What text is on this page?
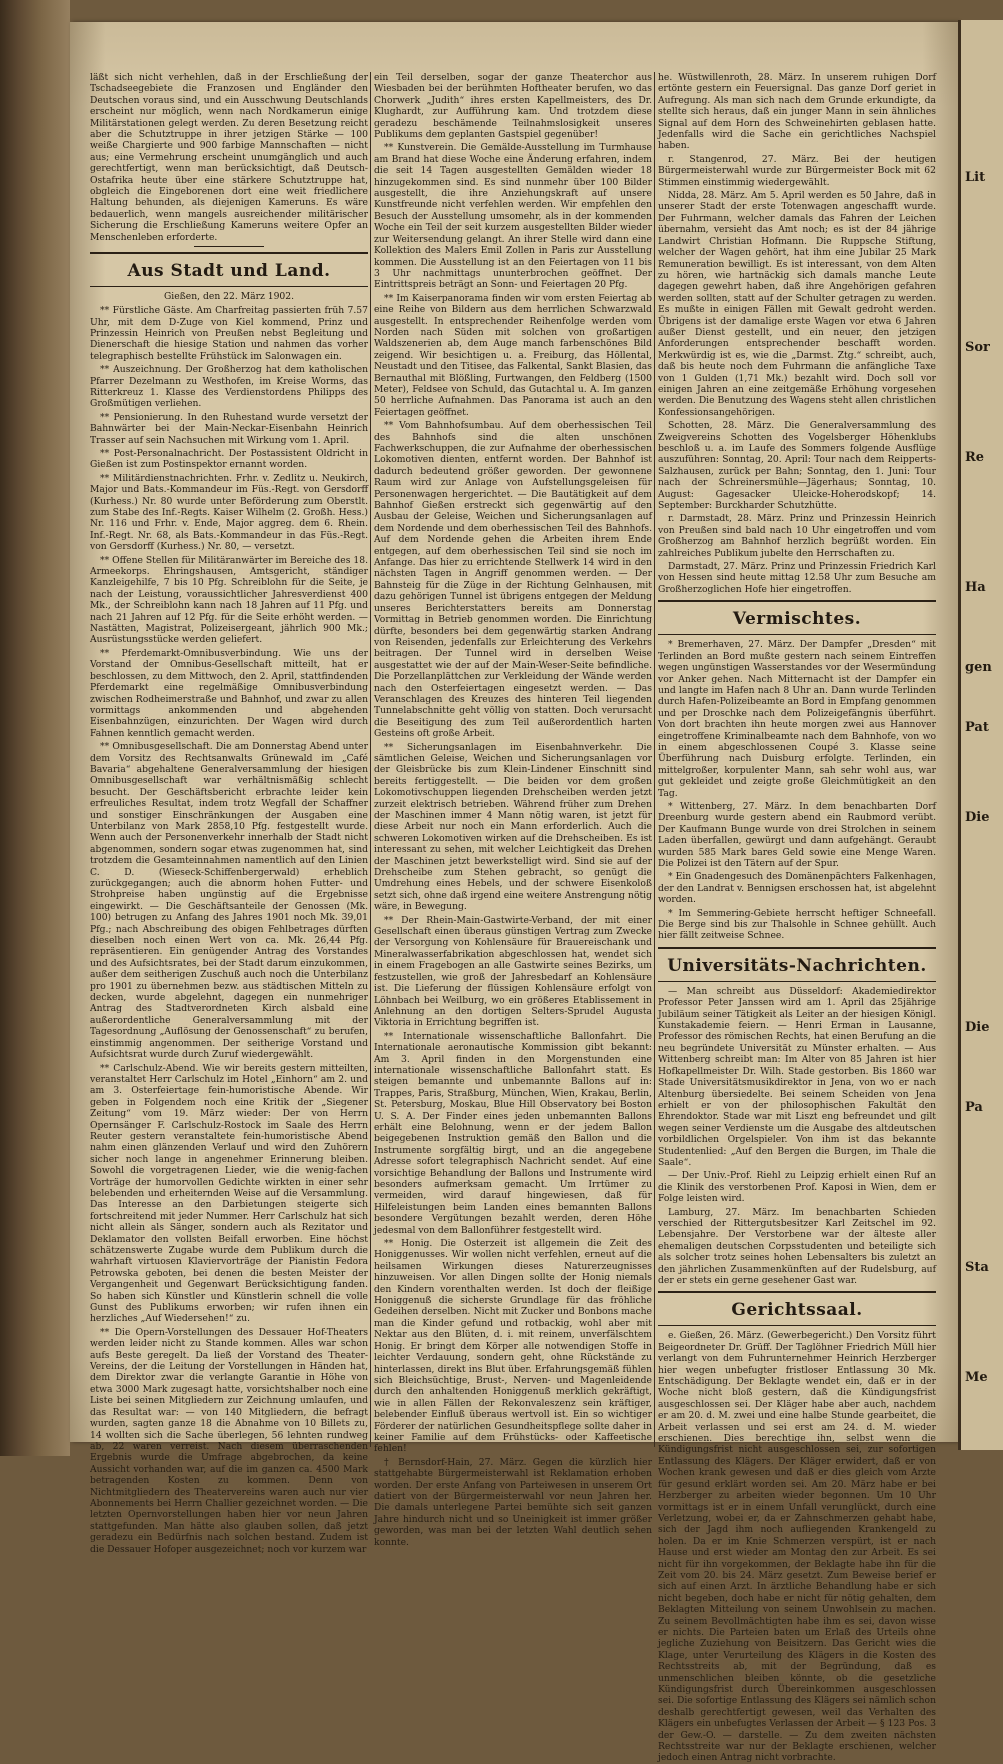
läßt sich nicht verhehlen, daß in der Erschließung der Tschadseegebiete die Franzosen und Engländer den Deutschen voraus sind, und ein Ausschwung Deutschlands erscheint nur möglich, wenn nach Nordkamerun einige Militärstationen gelegt werden. Zu deren Besetzung reicht aber die Schutztruppe in ihrer jetzigen Stärke — 100 weiße Chargierte und 900 farbige Mannschaften — nicht aus; eine Vermehrung erscheint unumgänglich und auch gerechtfertigt, wenn man berücksichtigt, daß Deutsch-Ostafrika heute über eine stärkere Schutztruppe hat, obgleich die Eingeborenen dort eine weit friedlichere Haltung behunden, als diejenigen Kameruns. Es wäre bedauerlich, wenn mangels ausreichender militärischer Sicherung die Erschließung Kameruns weitere Opfer an Menschenleben erforderte.

Aus Stadt und Land.
Gießen, den 22. März 1902.

** Fürstliche Gäste. Am Charfreitag passierten früh 7.57 Uhr, mit dem D-Zuge von Kiel kommend, Prinz und Prinzessin Heinrich von Preußen nebst Begleitung und Dienerschaft die hiesige Station und nahmen das vorher telegraphisch bestellte Frühstück im Salonwagen ein.

** Auszeichnung. Der Großherzog hat dem katholischen Pfarrer Dezelmann zu Westhofen, im Kreise Worms, das Ritterkreuz 1. Klasse des Verdienstordens Philipps des Großmütigen verliehen.

** Pensionierung. In den Ruhestand wurde versetzt der Bahnwärter bei der Main-Neckar-Eisenbahn Heinrich Trasser auf sein Nachsuchen mit Wirkung vom 1. April.

** Post-Personalnachricht. Der Postassistent Oldricht in Gießen ist zum Postinspektor ernannt worden.

** Militärdienstnachrichten. Frhr. v. Zedlitz u. Neukirch, Major und Bats.-Kommandeur im Füs.-Regt. von Gersdorff (Kurhess.) Nr. 80 wurde unter Beförderung zum Oberstlt. zum Stabe des Inf.-Regts. Kaiser Wilhelm (2. Großh. Hess.) Nr. 116 und Frhr. v. Ende, Major aggreg. dem 6. Rhein. Inf.-Regt. Nr. 68, als Bats.-Kommandeur in das Füs.-Regt. von Gersdorff (Kurhess.) Nr. 80, — versetzt.

** Offene Stellen für Militäranwärter im Bereiche des 18. Armeekorps. Ehringshausen, Amtsgericht, ständiger Kanzleigehilfe, 7 bis 10 Pfg. Schreiblohn für die Seite, je nach der Leistung, voraussichtlicher Jahresverdienst 400 Mk., der Schreiblohn kann nach 18 Jahren auf 11 Pfg. und nach 21 Jahren auf 12 Pfg. für die Seite erhöht werden. — Nastätten, Magistrat, Polizeisergeant, jährlich 900 Mk.; Ausrüstungsstücke werden geliefert.

** Pferdemarkt-Omnibusverbindung. Wie uns der Vorstand der Omnibus-Gesellschaft mitteilt, hat er beschlossen, zu dem Mittwoch, den 2. April, stattfindenden Pferdemarkt eine regelmäßige Omnibusverbindung zwischen Rodheimerstraße und Bahnhof, und zwar zu allen vormittags ankommenden und abgehenden Eisenbahnzügen, einzurichten. Der Wagen wird durch Fahnen kenntlich gemacht werden.

** Omnibusgesellschaft. Die am Donnerstag Abend unter dem Vorsitz des Rechtsanwalts Grünewald im „Café Bavaria“ abgehaltene Generalversammlung der hiesigen Omnibusgesellschaft war verhältnismäßig schlecht besucht. Der Geschäftsbericht erbrachte leider kein erfreuliches Resultat, indem trotz Wegfall der Schaffner und sonstiger Einschränkungen der Ausgaben eine Unterbilanz von Mark 2858,10 Pfg. festgestellt wurde. Wenn auch der Personenverkehr innerhalb der Stadt nicht abgenommen, sondern sogar etwas zugenommen hat, sind trotzdem die Gesamteinnahmen namentlich auf den Linien C. D. (Wieseck-Schiffenbergerwald) erheblich zurückgegangen; auch die abnorm hohen Futter- und Strohpreise haben ungünstig auf die Ergebnisse eingewirkt. — Die Geschäftsanteile der Genossen (Mk. 100) betrugen zu Anfang des Jahres 1901 noch Mk. 39,01 Pfg.; nach Abschreibung des obigen Fehlbetrages dürften dieselben noch einen Wert von ca. Mk. 26,44 Pfg. repräsentieren. Ein genügender Antrag des Vorstandes und des Aufsichtsrates, bei der Stadt darum einzukommen, außer dem seitherigen Zuschuß auch noch die Unterbilanz pro 1901 zu übernehmen bezw. aus städtischen Mitteln zu decken, wurde abgelehnt, dagegen ein nunmehriger Antrag des Stadtverordneten Kirch alsbald eine außerordentliche Generalversammlung mit der Tagesordnung „Auflösung der Genossenschaft“ zu berufen, einstimmig angenommen. Der seitherige Vorstand und Aufsichtsrat wurde durch Zuruf wiedergewählt.

** Carlschulz-Abend. Wie wir bereits gestern mitteilten, veranstaltet Herr Carlschulz im Hotel „Einhorn“ am 2. und am 3. Osterfeiertage fein-humoristische Abende. Wir geben in Folgendem noch eine Kritik der „Siegener Zeitung“ vom 19. März wieder: Der von Herrn Opernsänger F. Carlschulz-Rostock im Saale des Herrn Reuter gestern veranstaltete fein-humoristische Abend nahm einen glänzenden Verlauf und wird den Zuhörern sicher noch lange in angenehmer Erinnerung bleiben. Sowohl die vorgetragenen Lieder, wie die wenig-fachen Vorträge der humorvollen Gedichte wirkten in einer sehr belebenden und erheiternden Weise auf die Versammlung. Das Interesse an den Darbietungen steigerte sich fortschreitend mit jeder Nummer. Herr Carlschulz hat sich nicht allein als Sänger, sondern auch als Rezitator und Deklamator den vollsten Beifall erworben. Eine höchst schätzenswerte Zugabe wurde dem Publikum durch die wahrhaft virtuosen Klaviervorträge der Pianistin Fedora Petrowska geboten, bei denen die besten Meister der Vergangenheit und Gegenwart Berücksichtigung fanden. So haben sich Künstler und Künstlerin schnell die volle Gunst des Publikums erworben; wir rufen ihnen ein herzliches „Auf Wiedersehen!“ zu.

** Die Opern-Vorstellungen des Dessauer Hof-Theaters werden leider nicht zu Stande kommen. Alles war schon aufs Beste geregelt. Da ließ der Vorstand des Theater-Vereins, der die Leitung der Vorstellungen in Händen hat, dem Direktor zwar die verlangte Garantie in Höhe von etwa 3000 Mark zugesagt hatte, vorsichtshalber noch eine Liste bei seinen Mitgliedern zur Zeichnung umlaufen, und das Resultat war: — von 140 Mitgliedern, die befragt wurden, sagten ganze 18 die Abnahme von 10 Billets zu, 14 wollten sich die Sache überlegen, 56 lehnten rundweg ab, 22 waren verreist. Nach diesem überraschenden Ergebnis wurde die Umfrage abgebrochen, da keine Aussicht vorhanden war, auf die im ganzen ca. 4500 Mark betragenden Kosten zu kommen. Denn von Nichtmitgliedern des Theatervereins waren auch nur vier Abonnements bei Herrn Challier gezeichnet worden. — Die letzten Opernvorstellungen haben hier vor neun Jahren stattgefunden. Man hätte also glauben sollen, daß jetzt geradezu ein Bedürfnis nach solchen bestand. Zudem ist die Dessauer Hofoper ausgezeichnet; noch vor kurzem war

ein Teil derselben, sogar der ganze Theaterchor aus Wiesbaden bei der berühmten Hoftheater berufen, wo das Chorwerk „Judith“ ihres ersten Kapellmeisters, des Dr. Klughardt, zur Aufführung kam. Und trotzdem diese geradezu beschämende Teilnahmslosigkeit unseres Publikums dem geplanten Gastspiel gegenüber!

** Kunstverein. Die Gemälde-Ausstellung im Turmhause am Brand hat diese Woche eine Änderung erfahren, indem die seit 14 Tagen ausgestellten Gemälden wieder 18 hinzugekommen sind. Es sind nunmehr über 100 Bilder ausgestellt, die ihre Anziehungskraft auf unsere Kunstfreunde nicht verfehlen werden. Wir empfehlen den Besuch der Ausstellung umsomehr, als in der kommenden Woche ein Teil der seit kurzem ausgestellten Bilder wieder zur Weitersendung gelangt. An ihrer Stelle wird dann eine Kollektion des Malers Emil Zollen in Paris zur Ausstellung kommen. Die Ausstellung ist an den Feiertagen von 11 bis 3 Uhr nachmittags ununterbrochen geöffnet. Der Eintrittspreis beträgt an Sonn- und Feiertagen 20 Pfg.

** Im Kaiserpanorama finden wir vom ersten Feiertag ab eine Reihe von Bildern aus dem herrlichen Schwarzwald ausgestellt. In entsprechender Reihenfolge werden vom Norden nach Süden mit solchen von großartigen Waldszenerien ab, dem Auge manch farbenschönes Bild zeigend. Wir besichtigen u. a. Freiburg, das Höllental, Neustadt und den Titisee, das Falkental, Sankt Blasien, das Bernauthal mit Blößling, Furtwangen, den Feldberg (1500 Meter), Feldsee von Schuld, das Gutachtal u. A. Im ganzen 50 herrliche Aufnahmen. Das Panorama ist auch an den Feiertagen geöffnet.

** Vom Bahnhofsumbau. Auf dem oberhessischen Teil des Bahnhofs sind die alten unschönen Fachwerkschuppen, die zur Aufnahme der oberhessischen Lokomotiven dienten, entfernt worden. Der Bahnhof ist dadurch bedeutend größer geworden. Der gewonnene Raum wird zur Anlage von Aufstellungsgeleisen für Personenwagen hergerichtet. — Die Bautätigkeit auf dem Bahnhof Gießen erstreckt sich gegenwärtig auf den Ausbau der Geleise, Weichen und Sicherungsanlagen auf dem Nordende und dem oberhessischen Teil des Bahnhofs. Auf dem Nordende gehen die Arbeiten ihrem Ende entgegen, auf dem oberhessischen Teil sind sie noch im Anfange. Das hier zu errichtende Stellwerk 14 wird in den nächsten Tagen in Angriff genommen werden. — Der Bahnsteig für die Züge in der Richtung Gelnhausen, mit dazu gehörigen Tunnel ist übrigens entgegen der Meldung unseres Berichterstatters bereits am Donnerstag Vormittag in Betrieb genommen worden. Die Einrichtung dürfte, besonders bei dem gegenwärtig starken Andrang von Reisenden, jedenfalls zur Erleichterung des Verkehrs beitragen. Der Tunnel wird in derselben Weise ausgestattet wie der auf der Main-Weser-Seite befindliche. Die Porzellanplättchen zur Verkleidung der Wände werden nach den Osterfeiertagen eingesetzt werden. — Das Veranschlagen des Kreuzes des hinteren Teil liegenden Tunnelabschnitte geht völlig von statten. Doch verursacht die Beseitigung des zum Teil außerordentlich harten Gesteins oft große Arbeit.

** Sicherungsanlagen im Eisenbahnverkehr. Die sämtlichen Geleise, Weichen und Sicherungsanlagen vor der Gleisbrücke bis zum Klein-Lindener Einschnitt sind bereits fertiggestellt. — Die beiden vor dem großen Lokomotivschuppen liegenden Drehscheiben werden jetzt zurzeit elektrisch betrieben. Während früher zum Drehen der Maschinen immer 4 Mann nötig waren, ist jetzt für diese Arbeit nur noch ein Mann erforderlich. Auch die schweren Lokomotiven wirken auf die Drehscheiben. Es ist interessant zu sehen, mit welcher Leichtigkeit das Drehen der Maschinen jetzt bewerkstelligt wird. Sind sie auf der Drehscheibe zum Stehen gebracht, so genügt die Umdrehung eines Hebels, und der schwere Eisenkoloß setzt sich, ohne daß irgend eine weitere Anstrengung nötig wäre, in Bewegung.

** Der Rhein-Main-Gastwirte-Verband, der mit einer Gesellschaft einen überaus günstigen Vertrag zum Zwecke der Versorgung von Kohlensäure für Brauereischank und Mineralwasserfabrikation abgeschlossen hat, wendet sich in einem Fragebogen an alle Gastwirte seines Bezirks, um festzustellen, wie groß der Jahresbedarf an Kohlensäure ist. Die Lieferung der flüssigen Kohlensäure erfolgt von Löhnbach bei Weilburg, wo ein größeres Etablissement in Anlehnung an den dortigen Selters-Sprudel Augusta Viktoria in Errichtung begriffen ist.

** Internationale wissenschaftliche Ballonfahrt. Die Internationale aeronautische Kommission gibt bekannt: Am 3. April finden in den Morgenstunden eine internationale wissenschaftliche Ballonfahrt statt. Es steigen bemannte und unbemannte Ballons auf in: Trappes, Paris, Straßburg, München, Wien, Krakau, Berlin, St. Petersburg, Moskau, Blue Hill Observatory bei Boston U. S. A. Der Finder eines jeden unbemannten Ballons erhält eine Belohnung, wenn er der jedem Ballon beigegebenen Instruktion gemäß den Ballon und die Instrumente sorgfältig birgt, und an die angegebene Adresse sofort telegraphisch Nachricht sendet. Auf eine vorsichtige Behandlung der Ballons und Instrumente wird besonders aufmerksam gemacht. Um Irrtümer zu vermeiden, wird darauf hingewiesen, daß für Hilfeleistungen beim Landen eines bemannten Ballons besondere Vergütungen bezahlt werden, deren Höhe jedesmal von dem Ballonführer festgestellt wird.

** Honig. Die Osterzeit ist allgemein die Zeit des Honiggenusses. Wir wollen nicht verfehlen, erneut auf die heilsamen Wirkungen dieses Naturerzeugnisses hinzuweisen. Vor allen Dingen sollte der Honig niemals den Kindern vorenthalten werden. Ist doch der fleißige Honiggenuß die sicherste Grundlage für das fröhliche Gedeihen derselben. Nicht mit Zucker und Bonbons mache man die Kinder gefund und rotbackig, wohl aber mit Nektar aus den Blüten, d. i. mit reinem, unverfälschtem Honig. Er bringt dem Körper alle notwendigen Stoffe in leichter Verdauung, sondern geht, ohne Rückstände zu hinterlassen, direkt ins Blut über. Erfahrungsgemäß fühlen sich Bleichsüchtige, Brust-, Nerven- und Magenleidende durch den anhaltenden Honiggenuß merklich gekräftigt, wie in allen Fällen der Rekonvaleszenz sein kräftiger, belebender Einfluß überaus wertvoll ist. Ein so wichtiger Förderer der natürlichen Gesundheitspflege sollte daher in keiner Familie auf dem Frühstücks- oder Kaffeetische fehlen!

† Bernsdorf-Hain, 27. März. Gegen die kürzlich hier stattgehabte Bürgermeisterwahl ist Reklamation erhoben worden. Der erste Anfang von Parteiwesen in unserem Ort datiert von der Bürgermeisterwahl vor neun Jahren her. Die damals unterlegene Partei bemühte sich seit ganzen Jahre hindurch nicht und so Uneinigkeit ist immer größer geworden, was man bei der letzten Wahl deutlich sehen konnte.

he. Wüstwillenroth, 28. März. In unserem ruhigen Dorf ertönte gestern ein Feuersignal. Das ganze Dorf geriet in Aufregung. Als man sich nach dem Grunde erkundigte, da stellte sich heraus, daß ein junger Mann in sein ähnliches Signal auf dem Horn des Schweinehirten geblasen hatte. Jedenfalls wird die Sache ein gerichtliches Nachspiel haben.

r. Stangenrod, 27. März. Bei der heutigen Bürgermeisterwahl wurde zur Bürgermeister Bock mit 62 Stimmen einstimmig wiedergewählt.

Nidda, 28. März. Am 5. April werden es 50 Jahre, daß in unserer Stadt der erste Totenwagen angeschafft wurde. Der Fuhrmann, welcher damals das Fahren der Leichen übernahm, versieht das Amt noch; es ist der 84 jährige Landwirt Christian Hofmann. Die Ruppsche Stiftung, welcher der Wagen gehört, hat ihm eine Jubilar 25 Mark Remuneration bewilligt. Es ist interessant, von dem Alten zu hören, wie hartnäckig sich damals manche Leute dagegen gewehrt haben, daß ihre Angehörigen gefahren werden sollten, statt auf der Schulter getragen zu werden. Es mußte in einigen Fällen mit Gewalt gedroht werden. Übrigens ist der damalige erste Wagen vor etwa 6 Jahren außer Dienst gestellt, und ein neuer, den jetzigen Anforderungen entsprechender beschafft worden. Merkwürdig ist es, wie die „Darmst. Ztg.“ schreibt, auch, daß bis heute noch dem Fuhrmann die anfängliche Taxe von 1 Gulden (1,71 Mk.) bezahlt wird. Doch soll vor einigen Jahren an eine zeitgemäße Erhöhung vorgesehen werden. Die Benutzung des Wagens steht allen christlichen Konfessionsangehörigen.

Schotten, 28. März. Die Generalversammlung des Zweigvereins Schotten des Vogelsberger Höhenklubs beschloß u. a. im Laufe des Sommers folgende Ausflüge auszuführen: Sonntag, 20. April: Tour nach dem Reipperts-Salzhausen, zurück per Bahn; Sonntag, den 1. Juni: Tour nach der Schreinersmühle—Jägerhaus; Sonntag, 10. August: Gagesacker Uleicke-Hoherodskopf; 14. September: Burckharder Schutzhütte.

r. Darmstadt, 28. März. Prinz und Prinzessin Heinrich von Preußen sind bald nach 10 Uhr eingetroffen und vom Großherzog am Bahnhof herzlich begrüßt worden. Ein zahlreiches Publikum jubelte den Herrschaften zu.

Darmstadt, 27. März. Prinz und Prinzessin Friedrich Karl von Hessen sind heute mittag 12.58 Uhr zum Besuche am Großherzoglichen Hofe hier eingetroffen.

Vermischtes.

* Bremerhaven, 27. März. Der Dampfer „Dresden“ mit Terlinden an Bord mußte gestern nach seinem Eintreffen wegen ungünstigen Wasserstandes vor der Wesermündung vor Anker gehen. Nach Mitternacht ist der Dampfer ein und langte im Hafen nach 8 Uhr an. Dann wurde Terlinden durch Hafen-Polizeibeamte an Bord in Empfang genommen und per Droschke nach dem Polizeigefängnis überführt. Von dort brachten ihn heute morgen zwei aus Hannover eingetroffene Kriminalbeamte nach dem Bahnhofe, von wo in einem abgeschlossenen Coupé 3. Klasse seine Überführung nach Duisburg erfolgte. Terlinden, ein mittelgroßer, korpulenter Mann, sah sehr wohl aus, war gut gekleidet und zeigte große Gleichmütigkeit an den Tag.

* Wittenberg, 27. März. In dem benachbarten Dorf Dreenburg wurde gestern abend ein Raubmord verübt. Der Kaufmann Bunge wurde von drei Strolchen in seinem Laden überfallen, gewürgt und dann aufgehängt. Geraubt wurden 585 Mark bares Geld sowie eine Menge Waren. Die Polizei ist den Tätern auf der Spur.

* Ein Gnadengesuch des Domänenpächters Falkenhagen, der den Landrat v. Bennigsen erschossen hat, ist abgelehnt worden.

* Im Semmering-Gebiete herrscht heftiger Schneefall. Die Berge sind bis zur Thalsohle in Schnee gehüllt. Auch hier fällt zeitweise Schnee.

Universitäts-Nachrichten.

— Man schreibt aus Düsseldorf: Akademiedirektor Professor Peter Janssen wird am 1. April das 25jährige Jubiläum seiner Tätigkeit als Leiter an der hiesigen Königl. Kunstakademie feiern. — Henri Erman in Lausanne, Professor des römischen Rechts, hat einen Berufung an die neu begründete Universität zu Münster erhalten. — Aus Wittenberg schreibt man: Im Alter von 85 Jahren ist hier Hofkapellmeister Dr. Wilh. Stade gestorben. Bis 1860 war Stade Universitätsmusikdirektor in Jena, von wo er nach Altenburg übersiedelte. Bei seinem Scheiden von Jena erhielt er von der philosophischen Fakultät den Ehrendoktor. Stade war mit Liszt eng befreundet und gilt wegen seiner Verdienste um die Ausgabe des altdeutschen vorbildlichen Orgelspieler. Von ihm ist das bekannte Studentenlied: „Auf den Bergen die Burgen, im Thale die Saale“.

— Der Univ.-Prof. Riehl zu Leipzig erhielt einen Ruf an die Klinik des verstorbenen Prof. Kaposi in Wien, dem er Folge leisten wird.

Lamburg, 27. März. Im benachbarten Schieden verschied der Rittergutsbesitzer Karl Zeitschel im 92. Lebensjahre. Der Verstorbene war der älteste aller ehemaligen deutschen Corpsstudenten und beteiligte sich als solcher trotz seines hohen Lebensalters bis zuletzt an den jährlichen Zusammenkünften auf der Rudelsburg, auf der er stets ein gerne gesehener Gast war.

Gerichtssaal.

e. Gießen, 26. März. (Gewerbegericht.) Den Vorsitz führt Beigeordneter Dr. Grüff. Der Taglöhner Friedrich Müll hier verlangt von dem Fuhrunternehmer Heinrich Herzberger hier wegen unbefugter fristloser Entlassung 30 Mk. Entschädigung. Der Beklagte wendet ein, daß er in der Woche nicht bloß gestern, daß die Kündigungsfrist ausgeschlossen sei. Der Kläger habe aber auch, nachdem er am 20. d. M. zwei und eine halbe Stunde gearbeitet, die Arbeit verlassen und sei erst am 24. d. M. wieder erschienen. Dies berechtige ihn, selbst wenn die Kündigungsfrist nicht ausgeschlossen sei, zur sofortigen Entlassung des Klägers. Der Kläger erwidert, daß er von Wochen krank gewesen und daß er dies gleich vom Arzte für gesund erklärt worden sei. Am 20. März habe er bei Herzberger zu arbeiten wieder begonnen. Um 10 Uhr vormittags ist er in einem Unfall verunglückt, durch eine Verletzung, wobei er, da er Zahnschmerzen gehabt habe, sich der Jagd ihm noch aufliegenden Krankengeld zu holen. Da er im Knie Schmerzen verspürt, ist er nach Hause und erst wieder am Montag den zur Arbeit. Es sei nicht für ihn vorgekommen, der Beklagte habe ihn für die Zeit vom 20. bis 24. März gesetzt. Zum Beweise berief er sich auf einen Arzt. In ärztliche Behandlung habe er sich nicht begeben, doch habe er nicht für nötig gehalten, dem Beklagten Mitteilung von seinem Unwohlsein zu machen. Zu seinem Bevollmächtigten habe ihm es sei, davon wisse er nichts. Die Parteien baten um Erlaß des Urteils ohne jegliche Zuziehung von Beisitzern. Das Gericht wies die Klage, unter Verurteilung des Klägers in die Kosten des Rechtsstreits ab, mit der Begründung, daß es unmenschlichen bleiben könnte, ob die gesetzliche Kündigungsfrist durch Übereinkommen ausgeschlossen sei. Die sofortige Entlassung des Klägers sei nämlich schon deshalb gerechtfertigt gewesen, weil das Verhalten des Klägers ein unbefugtes Verlassen der Arbeit — § 123 Pos. 3 der Gew.-O. — darstelle. — Zu dem zweiten nächsten Rechtsstreite war nur der Beklagte erschienen, welcher jedoch einen Antrag nicht vorbrachte.

Lit
Sor
Re
Ha
gen
Pat
Die
Die
Pa
Sta
Me
